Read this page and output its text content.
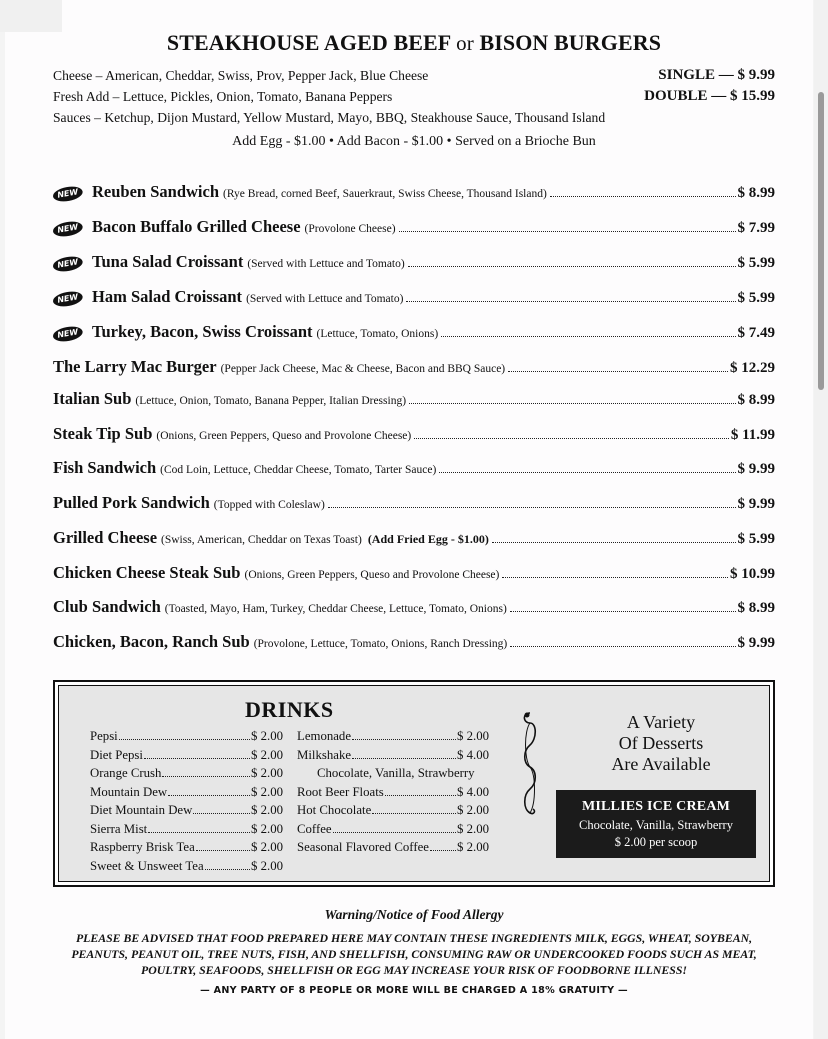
STEAKHOUSE AGED BEEF or BISON BURGERS
Cheese – American, Cheddar, Swiss, Prov, Pepper Jack, Blue Cheese
Fresh Add – Lettuce, Pickles, Onion, Tomato, Banana Peppers
Sauces – Ketchup, Dijon Mustard, Yellow Mustard, Mayo, BBQ, Steakhouse Sauce, Thousand Island
SINGLE — $ 9.99
DOUBLE — $ 15.99
Add Egg - $1.00 • Add Bacon - $1.00 • Served on a Brioche Bun
NEW Reuben Sandwich (Rye Bread, corned Beef, Sauerkraut, Swiss Cheese, Thousand Island)	$ 8.99
NEW Bacon Buffalo Grilled Cheese (Provolone Cheese)	$ 7.99
NEW Tuna Salad Croissant (Served with Lettuce and Tomato)	$ 5.99
NEW Ham Salad Croissant (Served with Lettuce and Tomato)	$ 5.99
NEW Turkey, Bacon, Swiss Croissant (Lettuce, Tomato, Onions)	$ 7.49
The Larry Mac Burger (Pepper Jack Cheese, Mac & Cheese, Bacon and BBQ Sauce)	$ 12.29
Italian Sub (Lettuce, Onion, Tomato, Banana Pepper, Italian Dressing)	$ 8.99
Steak Tip Sub (Onions, Green Peppers, Queso and Provolone Cheese)	$ 11.99
Fish Sandwich (Cod Loin, Lettuce, Cheddar Cheese, Tomato, Tarter Sauce)	$ 9.99
Pulled Pork Sandwich (Topped with Coleslaw)	$ 9.99
Grilled Cheese (Swiss, American, Cheddar on Texas Toast) (Add Fried Egg - $1.00)	$ 5.99
Chicken Cheese Steak Sub (Onions, Green Peppers, Queso and Provolone Cheese)	$ 10.99
Club Sandwich (Toasted, Mayo, Ham, Turkey, Cheddar Cheese, Lettuce, Tomato, Onions)	$ 8.99
Chicken, Bacon, Ranch Sub (Provolone, Lettuce, Tomato, Onions, Ranch Dressing)	$ 9.99
DRINKS
Pepsi	$ 2.00
Diet Pepsi	$ 2.00
Orange Crush	$ 2.00
Mountain Dew	$ 2.00
Diet Mountain Dew	$ 2.00
Sierra Mist	$ 2.00
Raspberry Brisk Tea	$ 2.00
Sweet & Unsweet Tea	$ 2.00
Lemonade	$ 2.00
Milkshake	$ 4.00
Root Beer Floats	$ 4.00
Hot Chocolate	$ 2.00
Coffee	$ 2.00
Seasonal Flavored Coffee $ 2.00
Chocolate, Vanilla, Strawberry
A Variety
Of Desserts
Are Available
MILLIES ICE CREAM
Chocolate, Vanilla, Strawberry
$ 2.00 per scoop
Warning/Notice of Food Allergy
PLEASE BE ADVISED THAT FOOD PREPARED HERE MAY CONTAIN THESE INGREDIENTS MILK, EGGS, WHEAT, SOYBEAN, PEANUTS, PEANUT OIL, TREE NUTS, FISH, AND SHELLFISH, CONSUMING RAW OR UNDERCOOKED FOODS SUCH AS MEAT, POULTRY, SEAFOODS, SHELLFISH OR EGG MAY INCREASE YOUR RISK OF FOODBORNE ILLNESS!
— ANY PARTY OF 8 PEOPLE OR MORE WILL BE CHARGED A 18% GRATUITY —
